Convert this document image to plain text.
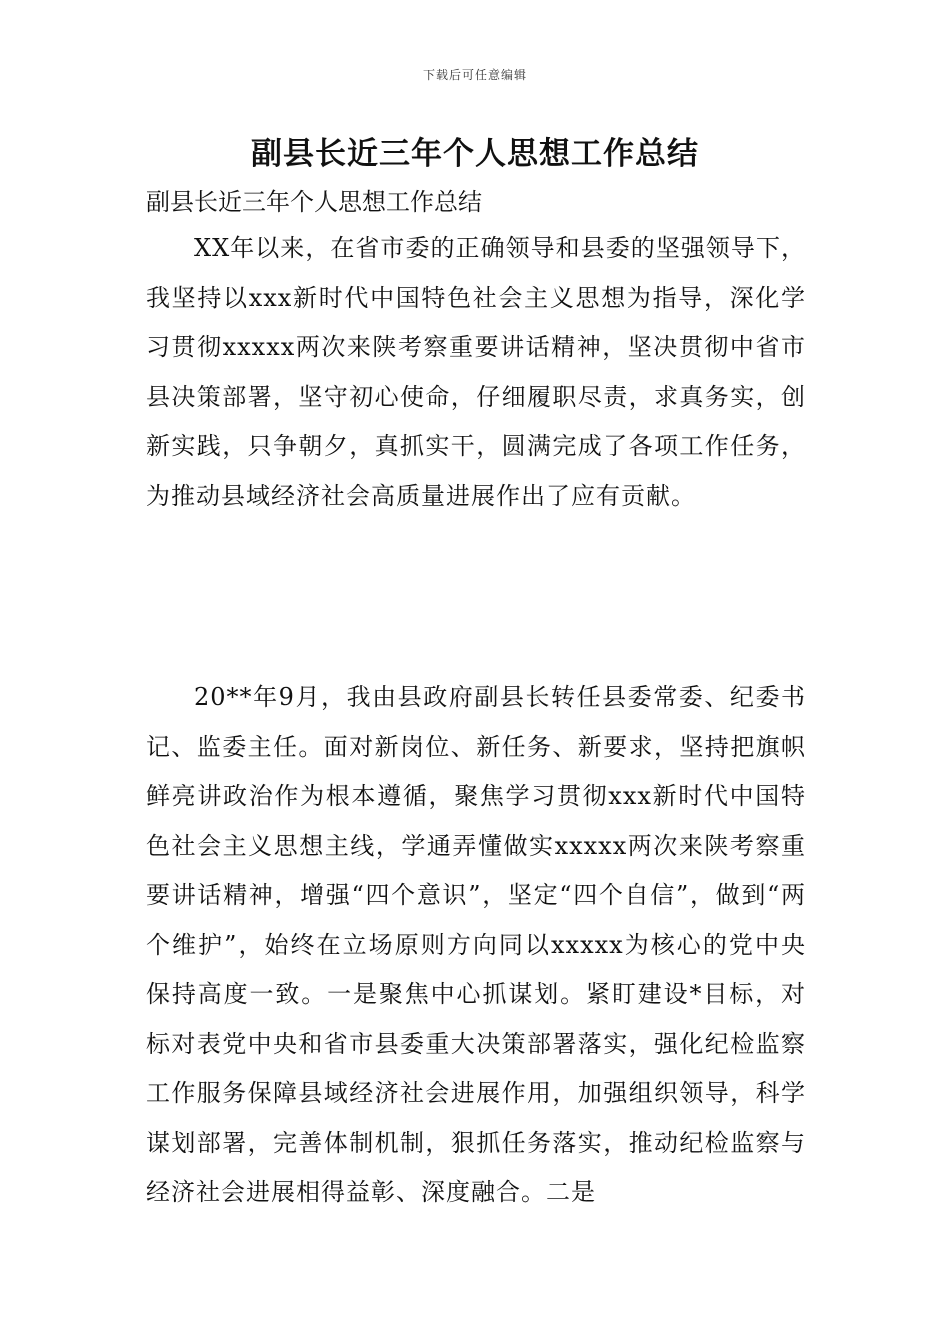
下载后可任意编辑
副县长近三年个人思想工作总结

副县长近三年个人思想工作总结

XX年以来，在省市委的正确领导和县委的坚强领导下，我坚持以xxx新时代中国特色社会主义思想为指导，深化学习贯彻xxxxx两次来陕考察重要讲话精神，坚决贯彻中省市县决策部署，坚守初心使命，仔细履职尽责，求真务实，创新实践，只争朝夕，真抓实干，圆满完成了各项工作任务，为推动县域经济社会高质量进展作出了应有贡献。

20**年9月，我由县政府副县长转任县委常委、纪委书记、监委主任。面对新岗位、新任务、新要求，坚持把旗帜鲜亮讲政治作为根本遵循，聚焦学习贯彻xxx新时代中国特色社会主义思想主线，学通弄懂做实xxxxx两次来陕考察重要讲话精神，增强“四个意识”，坚定“四个自信”，做到“两个维护”，始终在立场原则方向同以xxxxx为核心的党中央保持高度一致。一是聚焦中心抓谋划。紧盯建设*目标，对标对表党中央和省市县委重大决策部署落实，强化纪检监察工作服务保障县域经济社会进展作用，加强组织领导，科学谋划部署，完善体制机制，狠抓任务落实，推动纪检监察与经济社会进展相得益彰、深度融合。二是
